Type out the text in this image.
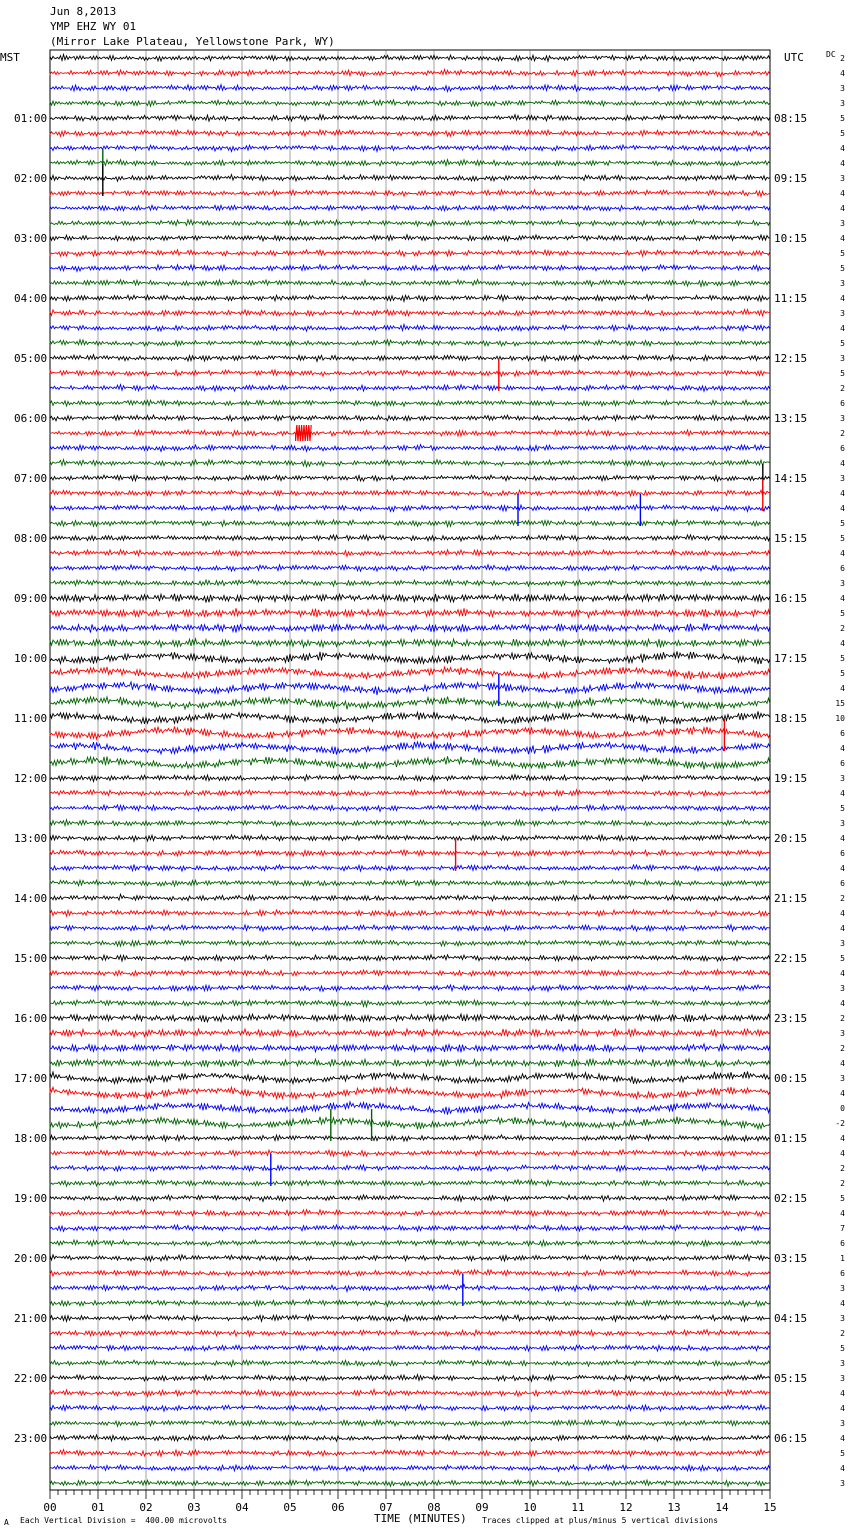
Jun 8,2013
YMP EHZ WY 01
(Mirror Lake Plateau, Yellowstone Park, WY)
MST	UTC	DC
01:00	08:15
02:00	09:15
03:00	10:15
04:00	11:15
05:00	12:15
06:00	13:15
07:00	14:15
08:00	15:15
09:00	16:15
10:00	17:15
11:00	18:15
12:00	19:15
13:00	20:15
14:00	21:15
15:00	22:15
16:00	23:15
17:00	00:15
18:00	01:15
19:00	02:15
20:00	03:15
21:00	04:15
22:00	05:15
23:00	06:15
2
4
3
3
5
5
4
4
3
4
4
3
4
5
5
3
4
3
4
5
3
5
2
6
3
2
6
4
3
4
4
5
5
4
6
3
4
5
2
4
5
5
4
15
10
6
4
6
3
4
5
3
4
6
4
6
2
4
4
3
5
4
3
4
2
3
2
4
3
4
0
-2
4
4
2
2
5
4
7
6
1
6
3
4
3
2
5
3
3
4
4
3
4
5
4
3
00	01	02	03	04	05	06	07	08	09	10	11	12	13	14	15
TIME (MINUTES)
A Each Vertical Division =  400.00 microvolts	Traces clipped at plus/minus 5 vertical divisions
